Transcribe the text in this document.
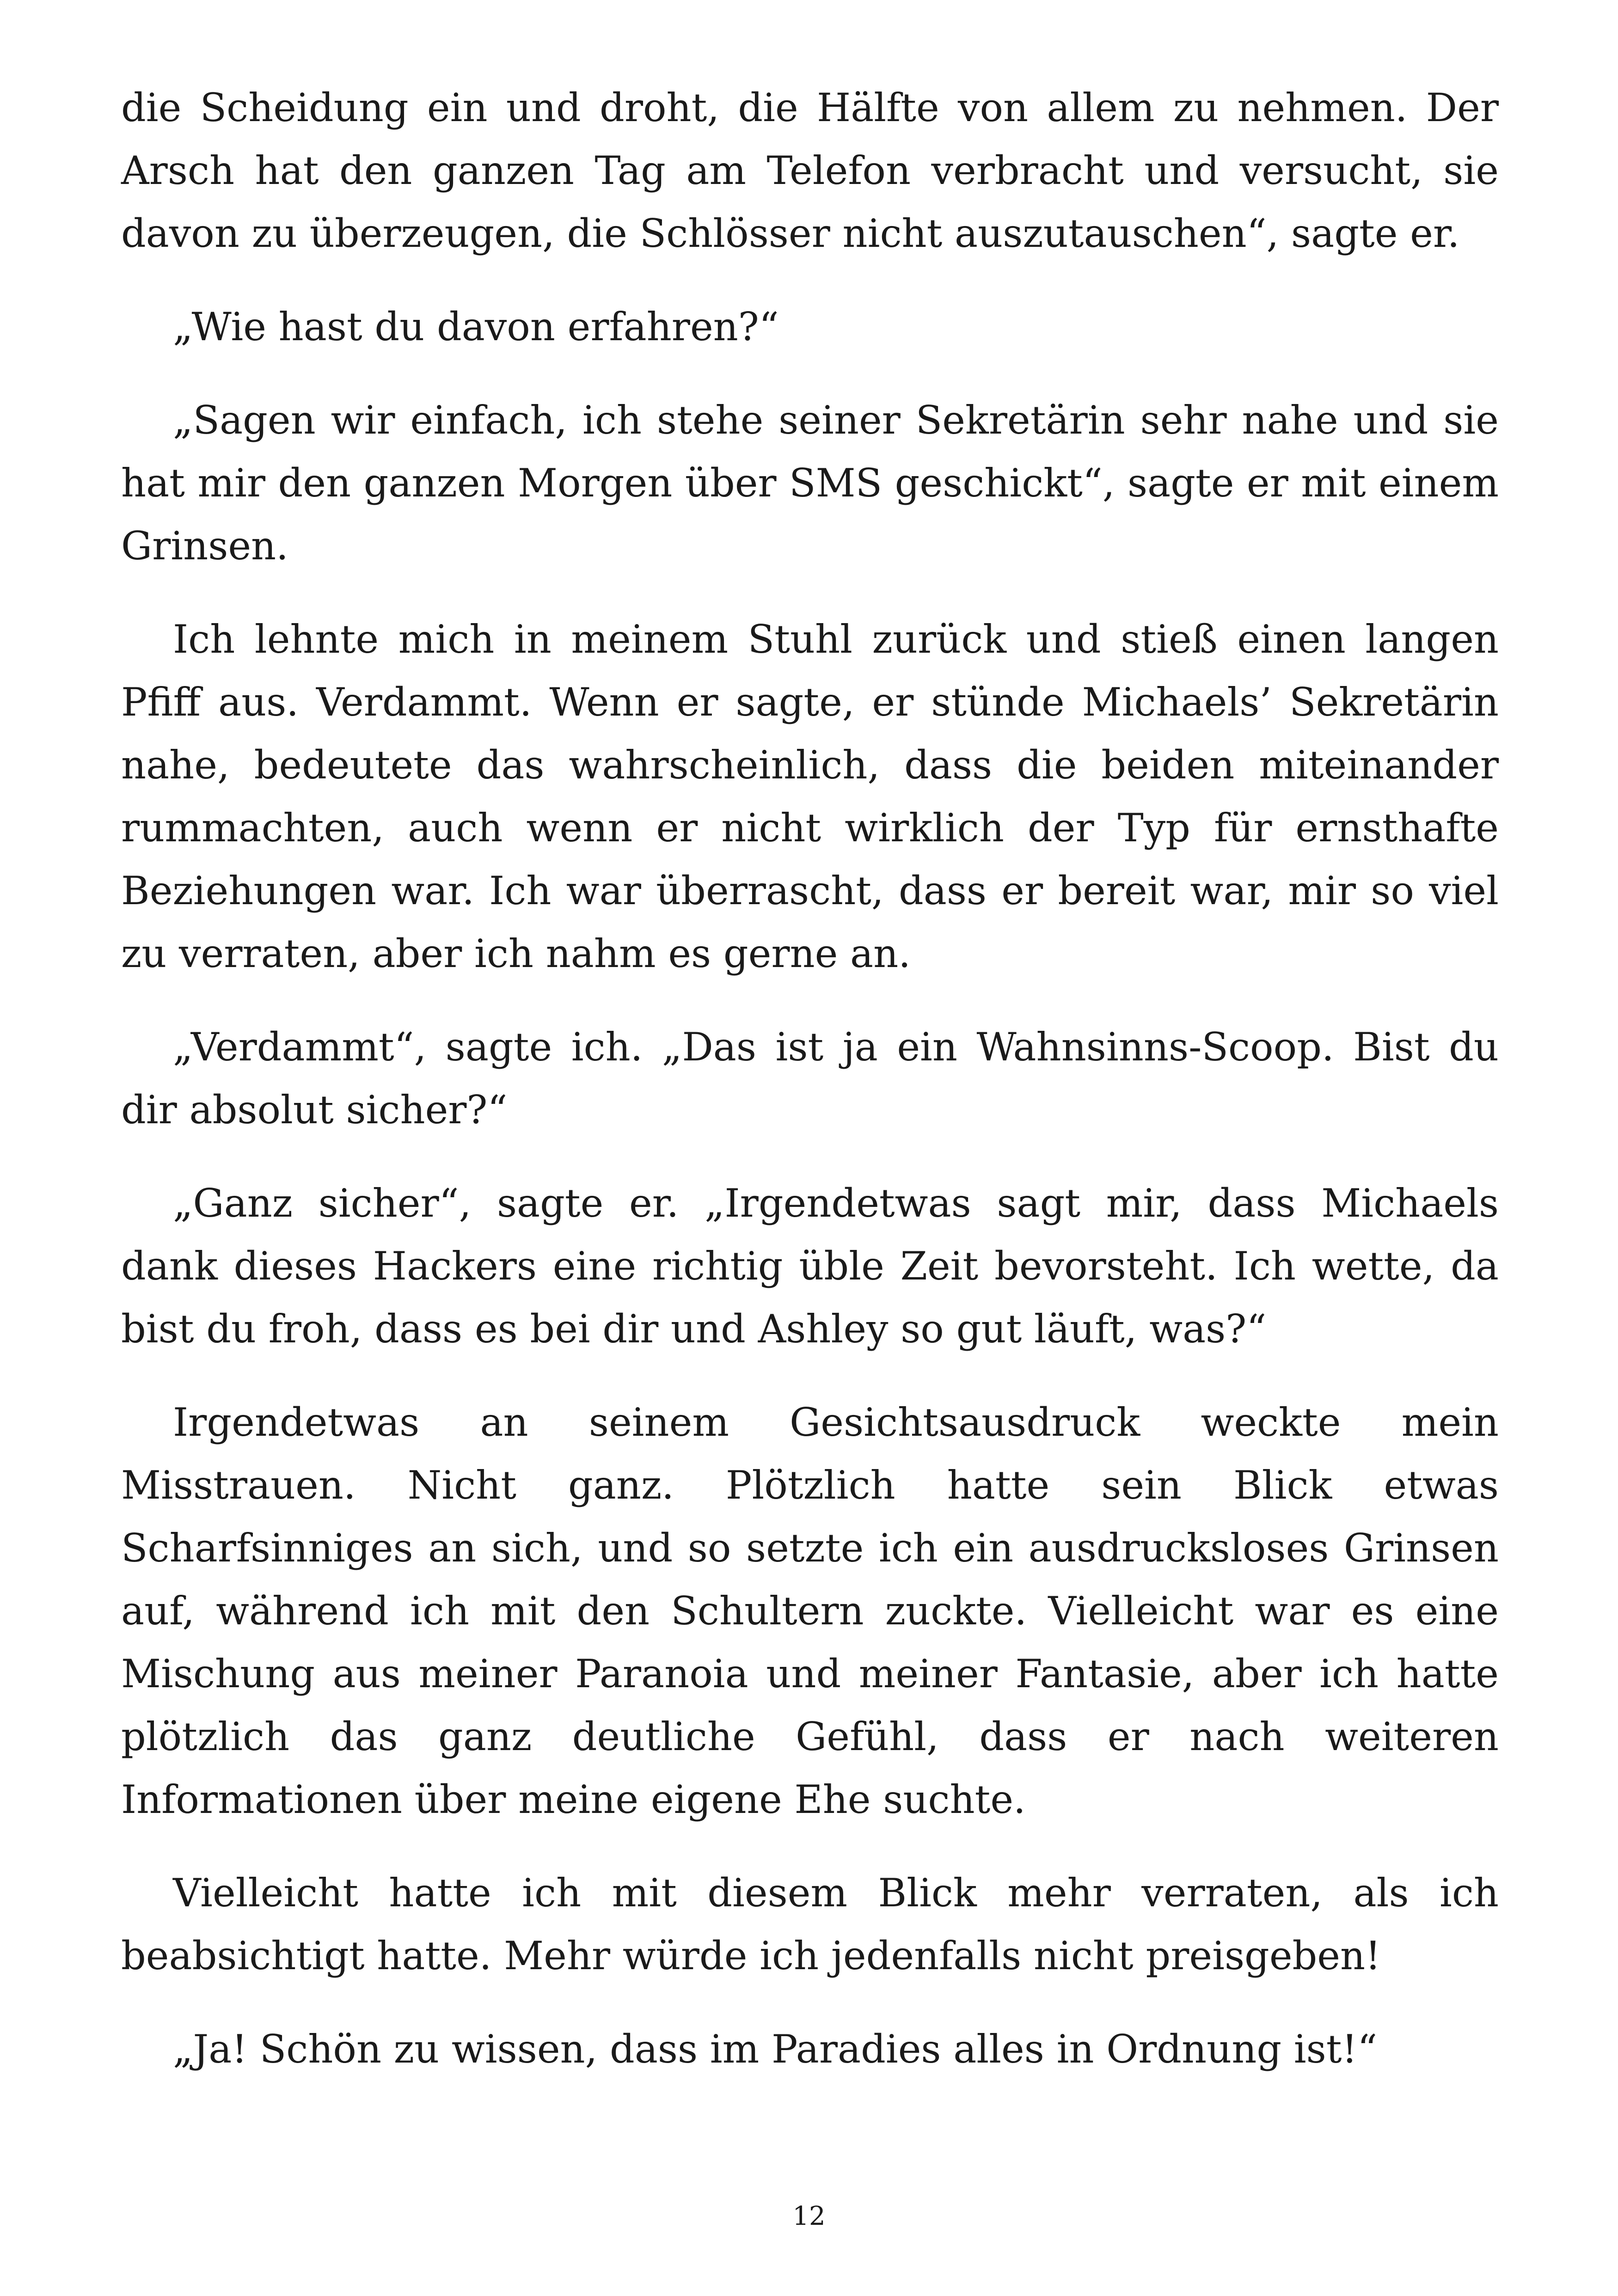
die Scheidung ein und droht, die Hälfte von allem zu nehmen. Der Arsch hat den ganzen Tag am Telefon verbracht und versucht, sie davon zu überzeugen, die Schlösser nicht auszutauschen“, sagte er.

„Wie hast du davon erfahren?“

„Sagen wir einfach, ich stehe seiner Sekretärin sehr nahe und sie hat mir den ganzen Morgen über SMS geschickt“, sagte er mit einem Grinsen.

Ich lehnte mich in meinem Stuhl zurück und stieß einen langen Pfiff aus. Verdammt. Wenn er sagte, er stünde Michaels’ Sekretärin nahe, bedeutete das wahrscheinlich, dass die beiden miteinander rummachten, auch wenn er nicht wirklich der Typ für ernsthafte Beziehungen war. Ich war überrascht, dass er bereit war, mir so viel zu verraten, aber ich nahm es gerne an.

„Verdammt“, sagte ich. „Das ist ja ein Wahnsinns-Scoop. Bist du dir absolut sicher?“

„Ganz sicher“, sagte er. „Irgendetwas sagt mir, dass Michaels dank dieses Hackers eine richtig üble Zeit bevorsteht. Ich wette, da bist du froh, dass es bei dir und Ashley so gut läuft, was?“

Irgendetwas an seinem Gesichtsausdruck weckte mein Misstrauen. Nicht ganz. Plötzlich hatte sein Blick etwas Scharfsinniges an sich, und so setzte ich ein ausdrucksloses Grinsen auf, während ich mit den Schultern zuckte. Vielleicht war es eine Mischung aus meiner Paranoia und meiner Fantasie, aber ich hatte plötzlich das ganz deutliche Gefühl, dass er nach weiteren Informationen über meine eigene Ehe suchte.

Vielleicht hatte ich mit diesem Blick mehr verraten, als ich beabsichtigt hatte. Mehr würde ich jedenfalls nicht preisgeben!

„Ja! Schön zu wissen, dass im Paradies alles in Ordnung ist!“

12
